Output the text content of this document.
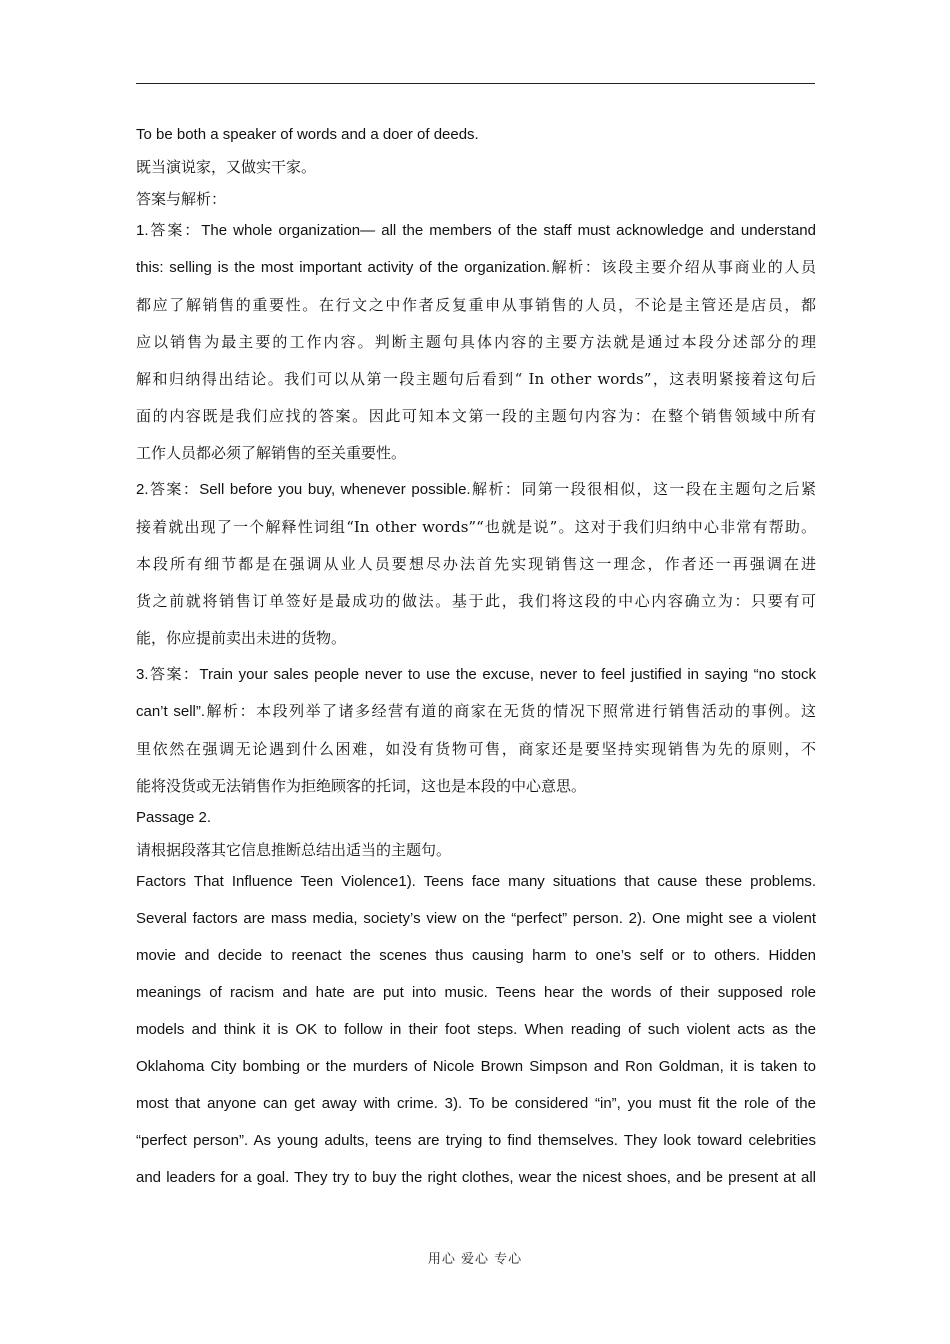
To be both a speaker of words and a doer of deeds.
既当演说家，又做实干家。
答案与解析：
1.答案：The whole organization— all the members of the staff must acknowledge and understand
this: selling is the most important activity of the organization.解析：该段主要介绍从事商业的人员
都应了解销售的重要性。在行文之中作者反复重申从事销售的人员，不论是主管还是店员，都
应以销售为最主要的工作内容。判断主题句具体内容的主要方法就是通过本段分述部分的理
解和归纳得出结论。我们可以从第一段主题句后看到“ In other words”，这表明紧接着这句后
面的内容既是我们应找的答案。因此可知本文第一段的主题句内容为：在整个销售领域中所有
工作人员都必须了解销售的至关重要性。
2.答案：Sell before you buy, whenever possible.解析：同第一段很相似，这一段在主题句之后紧
接着就出现了一个解释性词组“In other words”“也就是说”。这对于我们归纳中心非常有帮助。
本段所有细节都是在强调从业人员要想尽办法首先实现销售这一理念，作者还一再强调在进
货之前就将销售订单签好是最成功的做法。基于此，我们将这段的中心内容确立为：只要有可
能，你应提前卖出未进的货物。
3.答案：Train your sales people never to use the excuse, never to feel justified in saying “no stock
can’t sell”.解析：本段列举了诸多经营有道的商家在无货的情况下照常进行销售活动的事例。这
里依然在强调无论遇到什么困难，如没有货物可售，商家还是要坚持实现销售为先的原则，不
能将没货或无法销售作为拒绝顾客的托词，这也是本段的中心意思。
Passage 2.
请根据段落其它信息推断总结出适当的主题句。
Factors That Influence Teen Violence1). Teens face many situations that cause these problems.
Several factors are mass media, society’s view on the “perfect” person. 2). One might see a violent
movie and decide to reenact the scenes thus causing harm to one’s self or to others. Hidden
meanings of racism and hate are put into music. Teens hear the words of their supposed role
models and think it is OK to follow in their foot steps. When reading of such violent acts as the
Oklahoma City bombing or the murders of Nicole Brown Simpson and Ron Goldman, it is taken to
most that anyone can get away with crime. 3). To be considered “in”, you must fit the role of the
“perfect person”. As young adults, teens are trying to find themselves. They look toward celebrities
and leaders for a goal. They try to buy the right clothes, wear the nicest shoes, and be present at all
用心 爱心 专心
